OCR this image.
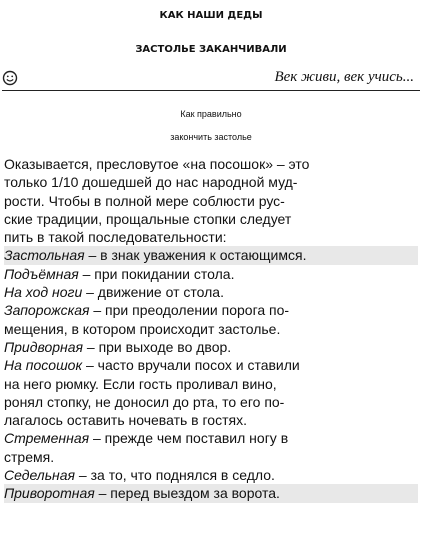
КАК НАШИ ДЕДЫ
ЗАСТОЛЬЕ ЗАКАНЧИВАЛИ
Век живи, век учись...
Как правильно
закончить застолье
Оказывается, пресловутое «на посошок» – это
только 1/10 дошедшей до нас народной муд-
рости. Чтобы в полной мере соблюсти рус-
ские традиции, прощальные стопки следует
пить в такой последовательности:
Застольная – в знак уважения к остающимся.
Подъёмная – при покидании стола.
На ход ноги – движение от стола.
Запорожская – при преодолении порога по-
мещения, в котором происходит застолье.
Придворная – при выходе во двор.
На посошок – часто вручали посох и ставили
на него рюмку. Если гость проливал вино,
ронял стопку, не доносил до рта, то его по-
лагалось оставить ночевать в гостях.
Стременная – прежде чем поставил ногу в
стремя.
Седельная – за то, что поднялся в седло.
Приворотная – перед выездом за ворота.
